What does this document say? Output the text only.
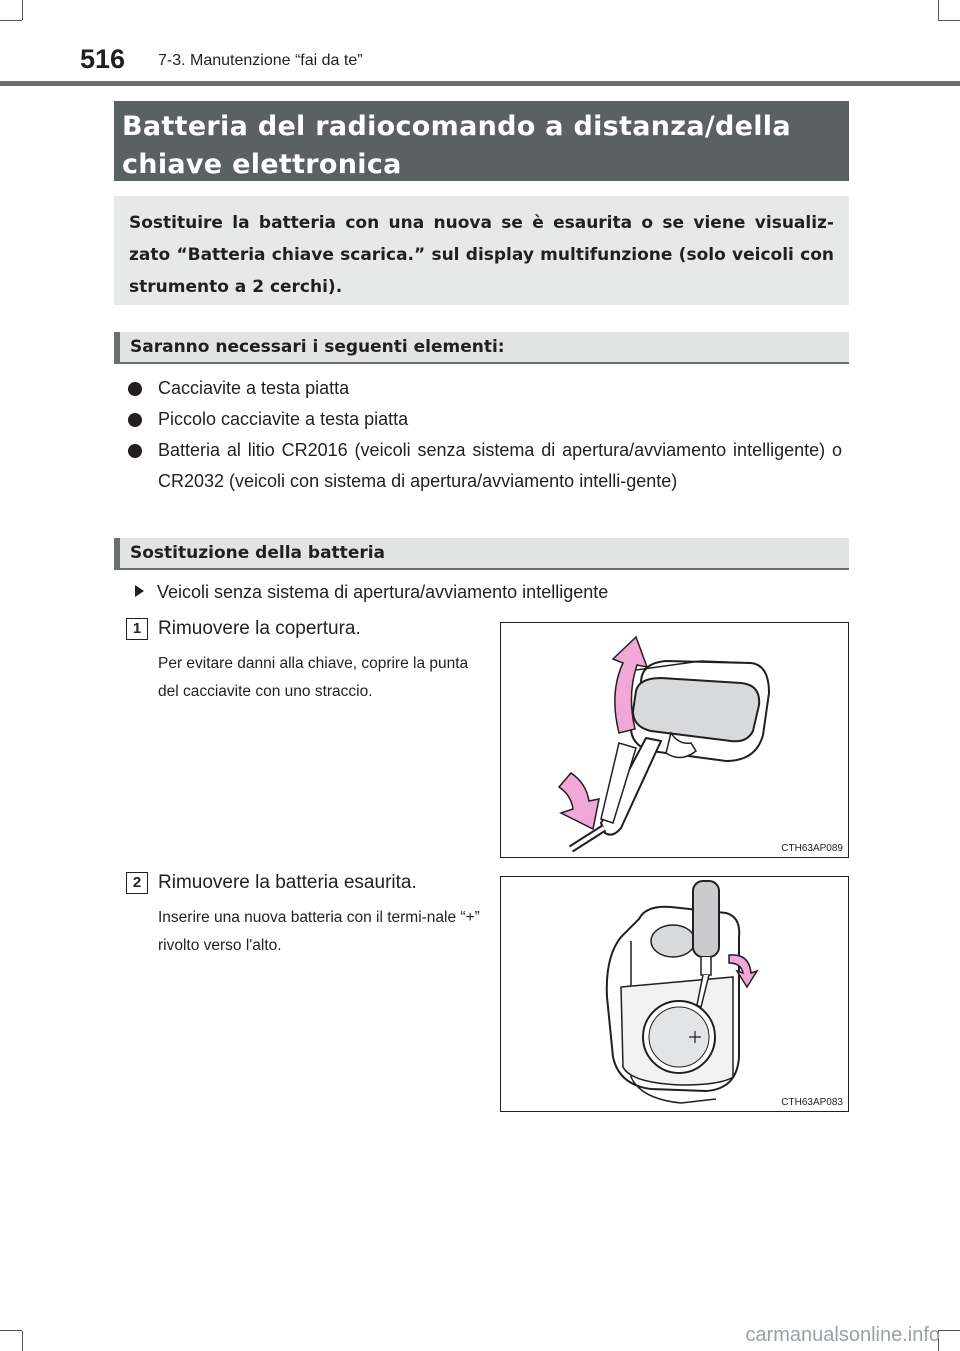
516 7-3. Manutenzione “fai da te”
Batteria del radiocomando a distanza/della
chiave elettronica
Sostituire la batteria con una nuova se è esaurita o se viene visualiz-zato “Batteria chiave scarica.” sul display multifunzione (solo veicoli con strumento a 2 cerchi).
Saranno necessari i seguenti elementi:
Cacciavite a testa piatta
Piccolo cacciavite a testa piatta
Batteria al litio CR2016 (veicoli senza sistema di apertura/avviamento intelligente) o CR2032 (veicoli con sistema di apertura/avviamento intelli-gente)
Sostituzione della batteria
Veicoli senza sistema di apertura/avviamento intelligente
1 Rimuovere la copertura.
Per evitare danni alla chiave, coprire la punta del cacciavite con uno straccio.
CTH63AP089
2 Rimuovere la batteria esaurita.
Inserire una nuova batteria con il termi-nale “+” rivolto verso l'alto.
CTH63AP083
carmanualsonline.info
